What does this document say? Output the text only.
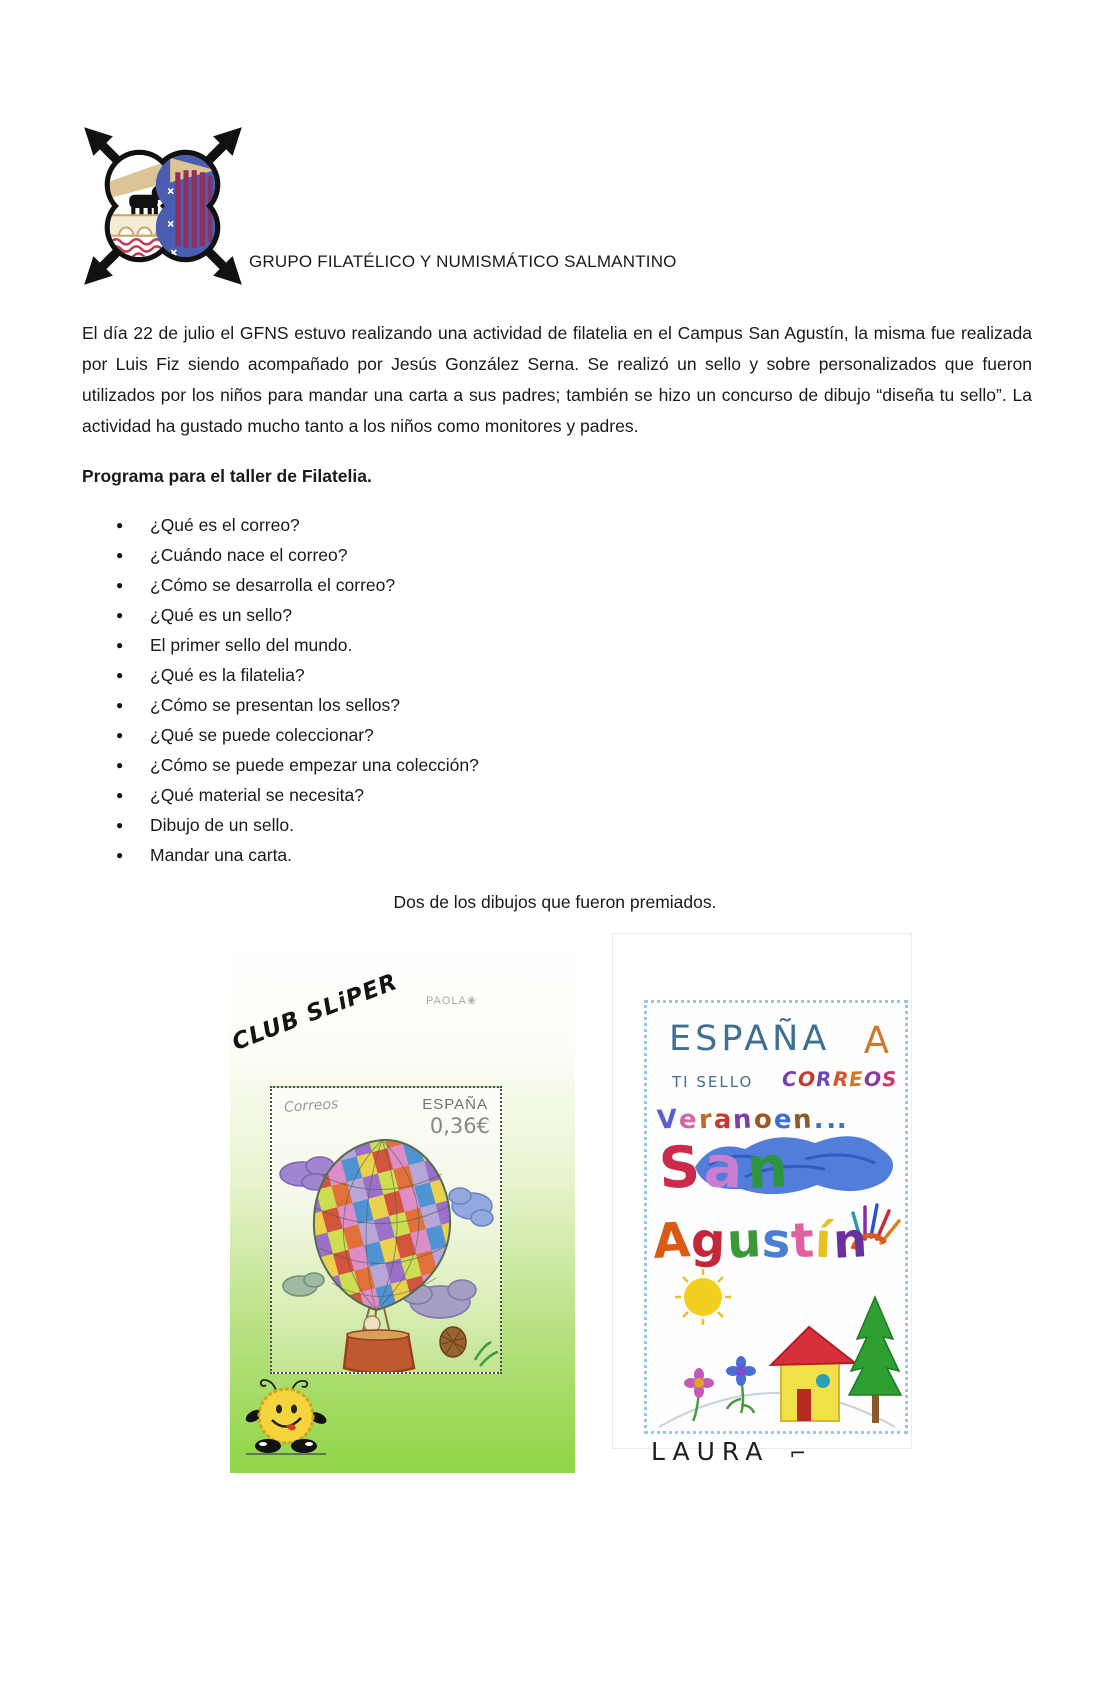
GRUPO FILATÉLICO Y NUMISMÁTICO SALMANTINO

El día 22 de julio el GFNS estuvo realizando una actividad de filatelia en el Campus San Agustín, la misma fue realizada por Luis Fiz siendo acompañado por Jesús González Serna. Se realizó un sello y sobre personalizados que fueron utilizados por los niños para mandar una carta a sus padres; también se hizo un concurso de dibujo “diseña tu sello”. La actividad ha gustado mucho tanto a los niños como monitores y padres.

Programa para el taller de Filatelia.
● ¿Qué es el correo?
● ¿Cuándo nace el correo?
● ¿Cómo se desarrolla el correo?
● ¿Qué es un sello?
● El primer sello del mundo.
● ¿Qué es la filatelia?
● ¿Cómo se presentan los sellos?
● ¿Qué se puede coleccionar?
● ¿Cómo se puede empezar una colección?
● ¿Qué material se necesita?
● Dibujo de un sello.
● Mandar una carta.
Dos de los dibujos que fueron premiados.
CLUB SLiPER PAOLA❀
Correos	ESPAÑA
0,36€
ESPAÑA A
TI SELLO CORREOS
Veranoen...
San
Agustín
LAURA ⌐
